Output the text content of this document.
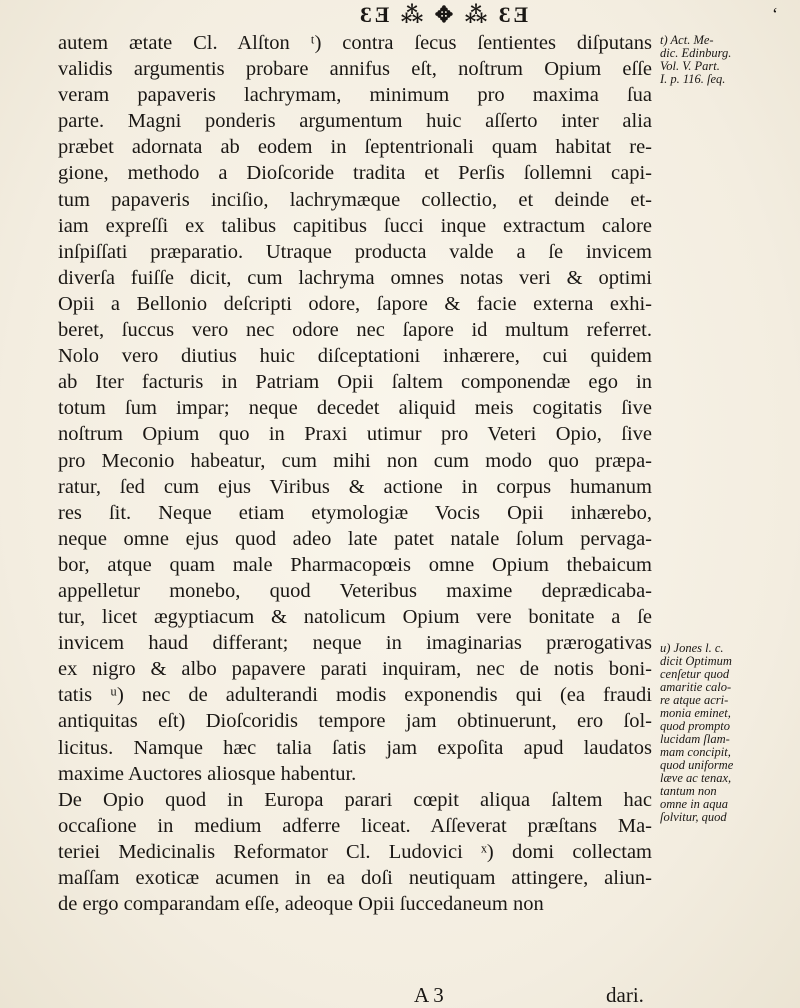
ƐƎ ⁂ ✥ ⁂ ƐƎ	ʻ
autem ætate Cl. Alſton ᵗ) contra ſecus ſentientes diſputans
validis argumentis probare annifus eſt, noſtrum Opium eſſe
veram papaveris lachrymam, minimum pro maxima ſua
parte. Magni ponderis argumentum huic aſſerto inter alia
præbet adornata ab eodem in ſeptentrionali quam habitat re-
gione, methodo a Dioſcoride tradita et Perſis ſollemni capi-
tum papaveris inciſio, lachrymæque collectio, et deinde et-
iam expreſſi ex talibus capitibus ſucci inque extractum calore
inſpiſſati præparatio. Utraque producta valde a ſe invicem
diverſa fuiſſe dicit, cum lachryma omnes notas veri & optimi
Opii a Bellonio deſcripti odore, ſapore & facie externa exhi-
beret, ſuccus vero nec odore nec ſapore id multum referret.
Nolo vero diutius huic diſceptationi inhærere, cui quidem
ab Iter facturis in Patriam Opii ſaltem componendæ ego in
totum ſum impar; neque decedet aliquid meis cogitatis ſive
noſtrum Opium quo in Praxi utimur pro Veteri Opio, ſive
pro Meconio habeatur, cum mihi non cum modo quo præpa-
ratur, ſed cum ejus Viribus & actione in corpus humanum
res ſit. Neque etiam etymologiæ Vocis Opii inhærebo,
neque omne ejus quod adeo late patet natale ſolum pervaga-
bor, atque quam male Pharmacopœis omne Opium thebaicum
appelletur monebo, quod Veteribus maxime deprædicaba-
tur, licet ægyptiacum & natolicum Opium vere bonitate a ſe
invicem haud differant; neque in imaginarias prærogativas
ex nigro & albo papavere parati inquiram, nec de notis boni-
tatis ᵘ) nec de adulterandi modis exponendis qui (ea fraudi
antiquitas eſt) Dioſcoridis tempore jam obtinuerunt, ero ſol-
licitus. Namque hæc talia ſatis jam expoſita apud laudatos
maxime Auctores aliosque habentur.
De Opio quod in Europa parari cœpit aliqua ſaltem hac
occaſione in medium adferre liceat. Aſſeverat præſtans Ma-
teriei Medicinalis Reformator Cl. Ludovici ˣ) domi collectam
maſſam exoticæ acumen in ea doſi neutiquam attingere, aliun-
de ergo comparandam eſſe, adeoque Opii ſuccedaneum non
t) Act. Me-
dic. Edinburg.
Vol. V. Part.
I. p. 116. ſeq.
u) Jones l. c.
dicit Optimum
cenſetur quod
amaritie calo-
re atque acri-
monia eminet,
quod prompto
lucidam ſlam-
mam concipit,
quod uniforme
læve ac tenax,
tantum non
omne in aqua
ſolvitur, quod
A 3	dari.
